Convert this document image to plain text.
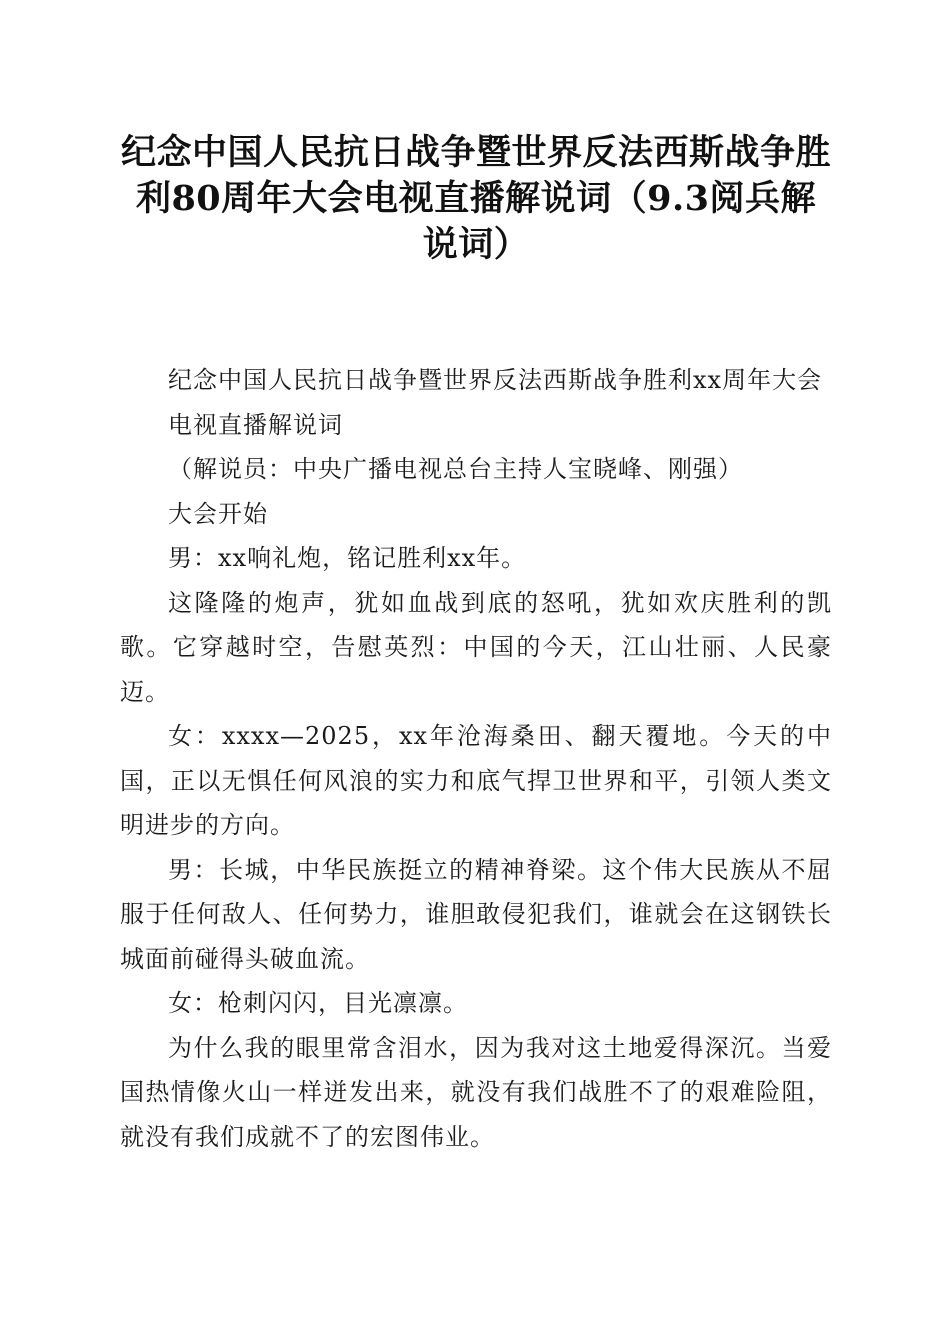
纪念中国人民抗日战争暨世界反法西斯战争胜利80周年大会电视直播解说词（9.3阅兵解说词）

纪念中国人民抗日战争暨世界反法西斯战争胜利xx周年大会

电视直播解说词

（解说员：中央广播电视总台主持人宝晓峰、刚强）

大会开始

男：xx响礼炮，铭记胜利xx年。

这隆隆的炮声，犹如血战到底的怒吼，犹如欢庆胜利的凯歌。它穿越时空，告慰英烈：中国的今天，江山壮丽、人民豪迈。

女：xxxx—2025，xx年沧海桑田、翻天覆地。今天的中国，正以无惧任何风浪的实力和底气捍卫世界和平，引领人类文明进步的方向。

男：长城，中华民族挺立的精神脊梁。这个伟大民族从不屈服于任何敌人、任何势力，谁胆敢侵犯我们，谁就会在这钢铁长城面前碰得头破血流。

女：枪刺闪闪，目光凛凛。

为什么我的眼里常含泪水，因为我对这土地爱得深沉。当爱国热情像火山一样迸发出来，就没有我们战胜不了的艰难险阻，就没有我们成就不了的宏图伟业。
